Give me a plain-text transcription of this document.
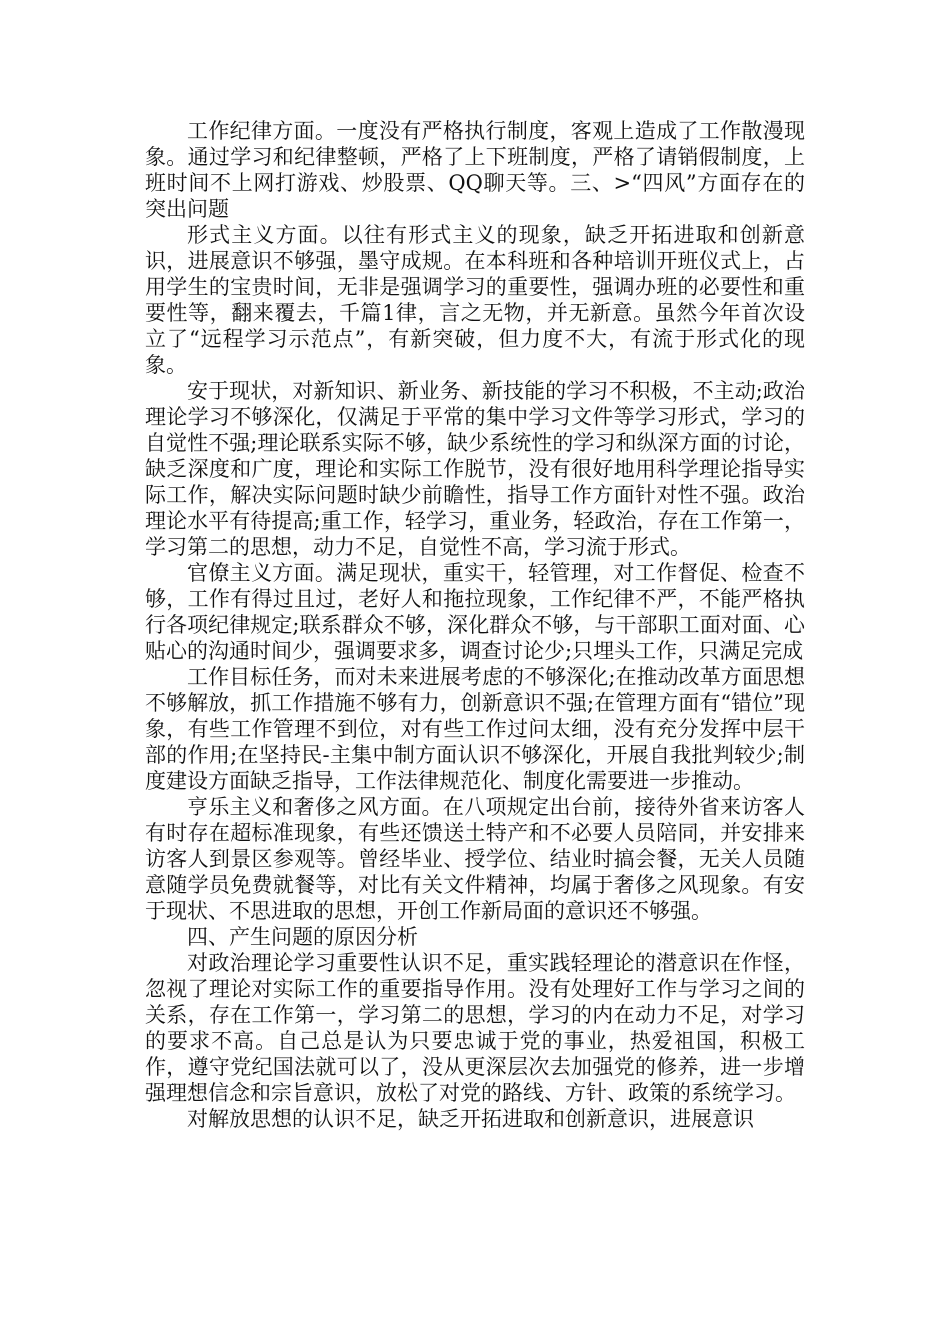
工作纪律方面。一度没有严格执行制度，客观上造成了工作散漫现象。通过学习和纪律整顿，严格了上下班制度，严格了请销假制度，上班时间不上网打游戏、炒股票、QQ聊天等。三、>“四风”方面存在的突出问题

形式主义方面。以往有形式主义的现象，缺乏开拓进取和创新意识，进展意识不够强，墨守成规。在本科班和各种培训开班仪式上，占用学生的宝贵时间，无非是强调学习的重要性，强调办班的必要性和重要性等，翻来覆去，千篇1律，言之无物，并无新意。虽然今年首次设立了“远程学习示范点”，有新突破，但力度不大，有流于形式化的现象。

安于现状，对新知识、新业务、新技能的学习不积极，不主动;政治理论学习不够深化，仅满足于平常的集中学习文件等学习形式，学习的自觉性不强;理论联系实际不够，缺少系统性的学习和纵深方面的讨论，缺乏深度和广度，理论和实际工作脱节，没有很好地用科学理论指导实际工作，解决实际问题时缺少前瞻性，指导工作方面针对性不强。政治理论水平有待提高;重工作，轻学习，重业务，轻政治，存在工作第一，学习第二的思想，动力不足，自觉性不高，学习流于形式。

官僚主义方面。满足现状，重实干，轻管理，对工作督促、检查不够，工作有得过且过，老好人和拖拉现象，工作纪律不严，不能严格执行各项纪律规定;联系群众不够，深化群众不够，与干部职工面对面、心贴心的沟通时间少，强调要求多，调查讨论少;只埋头工作，只满足完成

工作目标任务，而对未来进展考虑的不够深化;在推动改革方面思想不够解放，抓工作措施不够有力，创新意识不强;在管理方面有“错位”现象，有些工作管理不到位，对有些工作过问太细，没有充分发挥中层干部的作用;在坚持民-主集中制方面认识不够深化，开展自我批判较少;制度建设方面缺乏指导，工作法律规范化、制度化需要进一步推动。

亨乐主义和奢侈之风方面。在八项规定出台前，接待外省来访客人有时存在超标准现象，有些还馈送土特产和不必要人员陪同，并安排来访客人到景区参观等。曾经毕业、授学位、结业时搞会餐，无关人员随意随学员免费就餐等，对比有关文件精神，均属于奢侈之风现象。有安于现状、不思进取的思想，开创工作新局面的意识还不够强。

四、产生问题的原因分析

对政治理论学习重要性认识不足，重实践轻理论的潜意识在作怪，忽视了理论对实际工作的重要指导作用。没有处理好工作与学习之间的关系，存在工作第一，学习第二的思想，学习的内在动力不足，对学习的要求不高。自己总是认为只要忠诚于党的事业，热爱祖国，积极工作，遵守党纪国法就可以了，没从更深层次去加强党的修养，进一步增强理想信念和宗旨意识，放松了对党的路线、方针、政策的系统学习。

对解放思想的认识不足，缺乏开拓进取和创新意识，进展意识
